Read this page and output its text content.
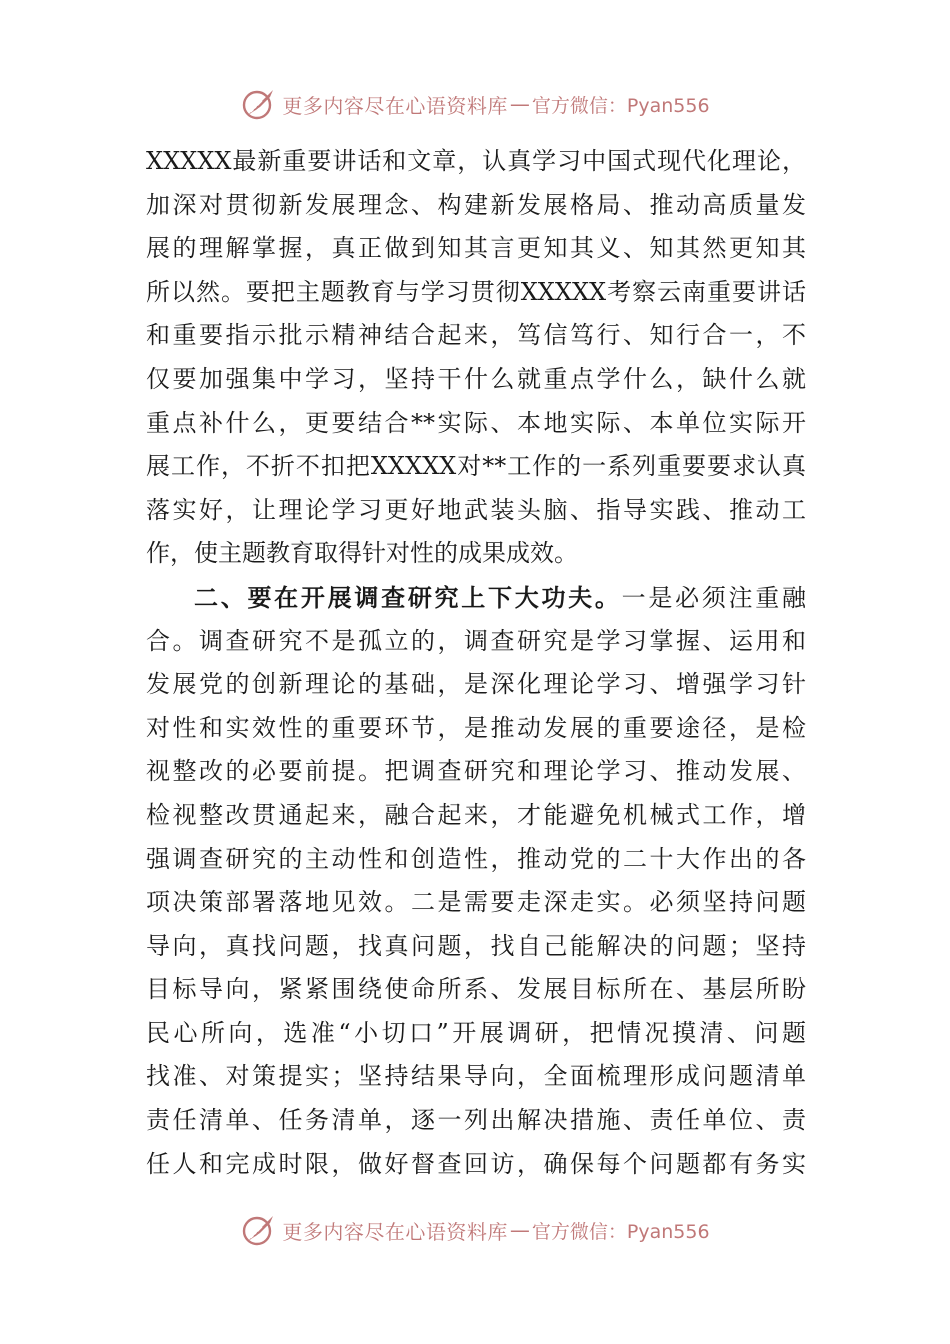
更多内容尽在心语资料库 — 官方微信：Pyan556
XXXXX最新重要讲话和文章，认真学习中国式现代化理论，
加深对贯彻新发展理念、构建新发展格局、推动高质量发
展的理解掌握，真正做到知其言更知其义、知其然更知其
所以然。要把主题教育与学习贯彻XXXXX考察云南重要讲话
和重要指示批示精神结合起来，笃信笃行、知行合一，不
仅要加强集中学习，坚持干什么就重点学什么，缺什么就
重点补什么，更要结合**实际、本地实际、本单位实际开
展工作，不折不扣把XXXXX对**工作的一系列重要要求认真
落实好，让理论学习更好地武装头脑、指导实践、推动工
作，使主题教育取得针对性的成果成效。
二、要在开展调查研究上下大功夫。一是必须注重融
合。调查研究不是孤立的，调查研究是学习掌握、运用和
发展党的创新理论的基础，是深化理论学习、增强学习针
对性和实效性的重要环节，是推动发展的重要途径，是检
视整改的必要前提。把调查研究和理论学习、推动发展、
检视整改贯通起来，融合起来，才能避免机械式工作，增
强调查研究的主动性和创造性，推动党的二十大作出的各
项决策部署落地见效。二是需要走深走实。必须坚持问题
导向，真找问题，找真问题，找自己能解决的问题；坚持
目标导向，紧紧围绕使命所系、发展目标所在、基层所盼
民心所向，选准“小切口”开展调研，把情况摸清、问题
找准、对策提实；坚持结果导向，全面梳理形成问题清单
责任清单、任务清单，逐一列出解决措施、责任单位、责
任人和完成时限，做好督查回访，确保每个问题都有务实
更多内容尽在心语资料库 — 官方微信：Pyan556
